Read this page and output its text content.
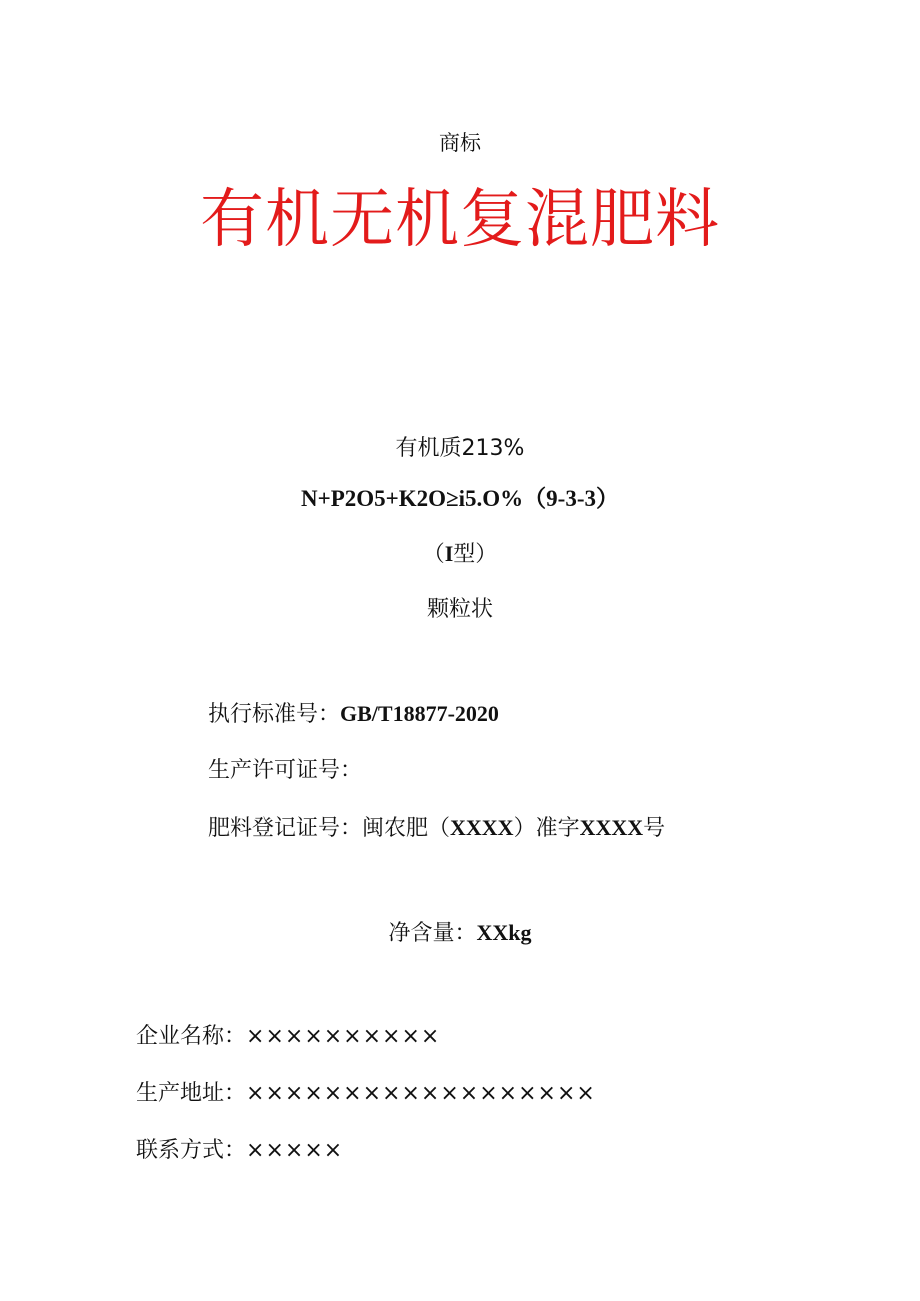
商标
有机无机复混肥料
有机质213%
N+P2O5+K2O≥i5.O%（9-3-3）
（I型）
颗粒状
执行标准号：GB/T18877-2020
生产许可证号：
肥料登记证号：闽农肥（XXXX）准字XXXX号
净含量：XXkg
企业名称：××××××××××
生产地址：××××××××××××××××××
联系方式：×××××
